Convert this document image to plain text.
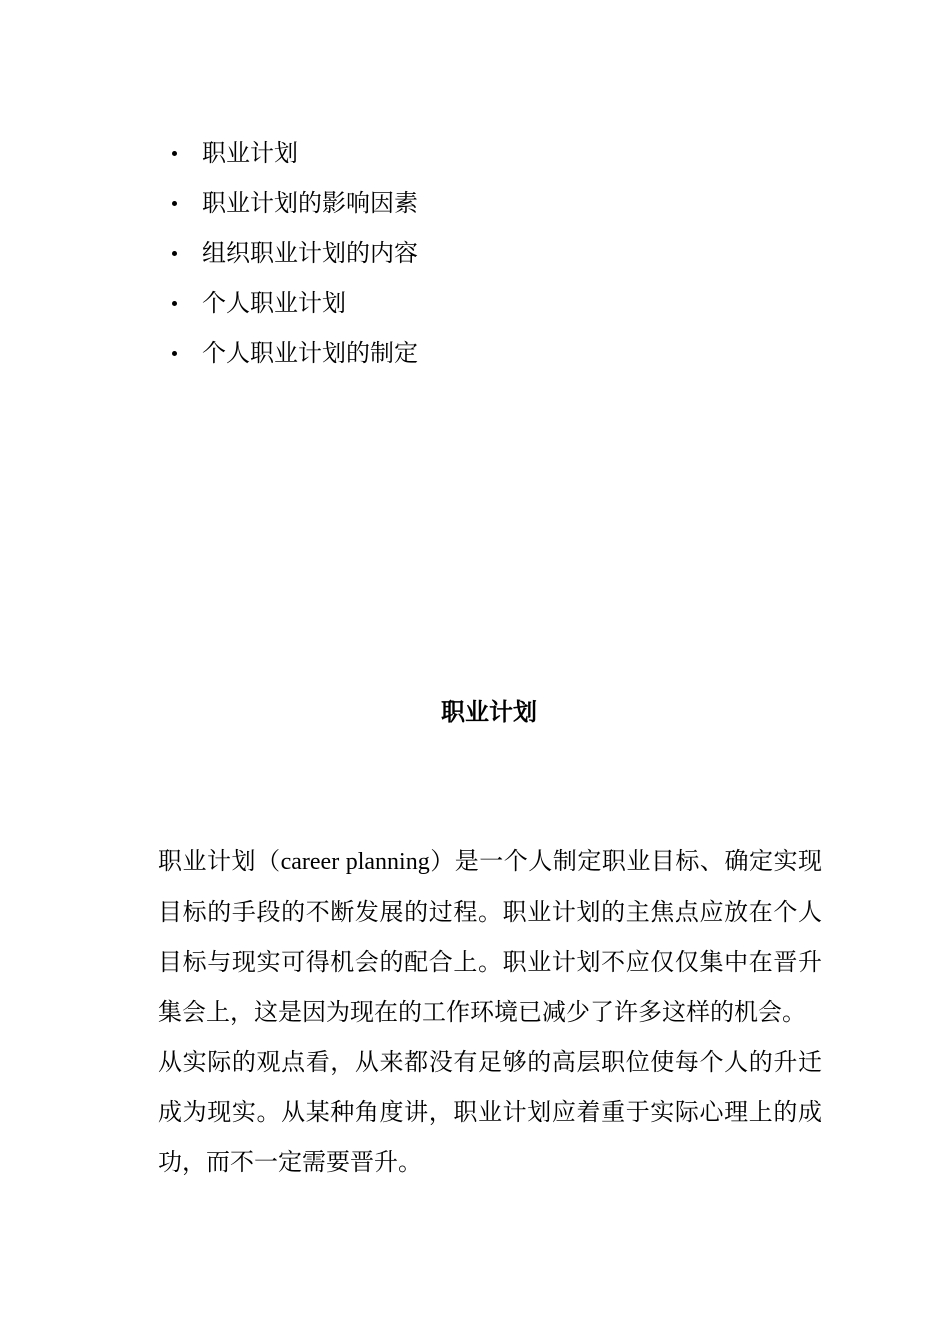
职业计划
职业计划的影响因素
组织职业计划的内容
个人职业计划
个人职业计划的制定
职业计划

职业计划（career planning）是一个人制定职业目标、确定实现目标的手段的不断发展的过程。职业计划的主焦点应放在个人目标与现实可得机会的配合上。职业计划不应仅仅集中在晋升集会上，这是因为现在的工作环境已减少了许多这样的机会。

从实际的观点看，从来都没有足够的高层职位使每个人的升迁成为现实。从某种角度讲，职业计划应着重于实际心理上的成功，而不一定需要晋升。
